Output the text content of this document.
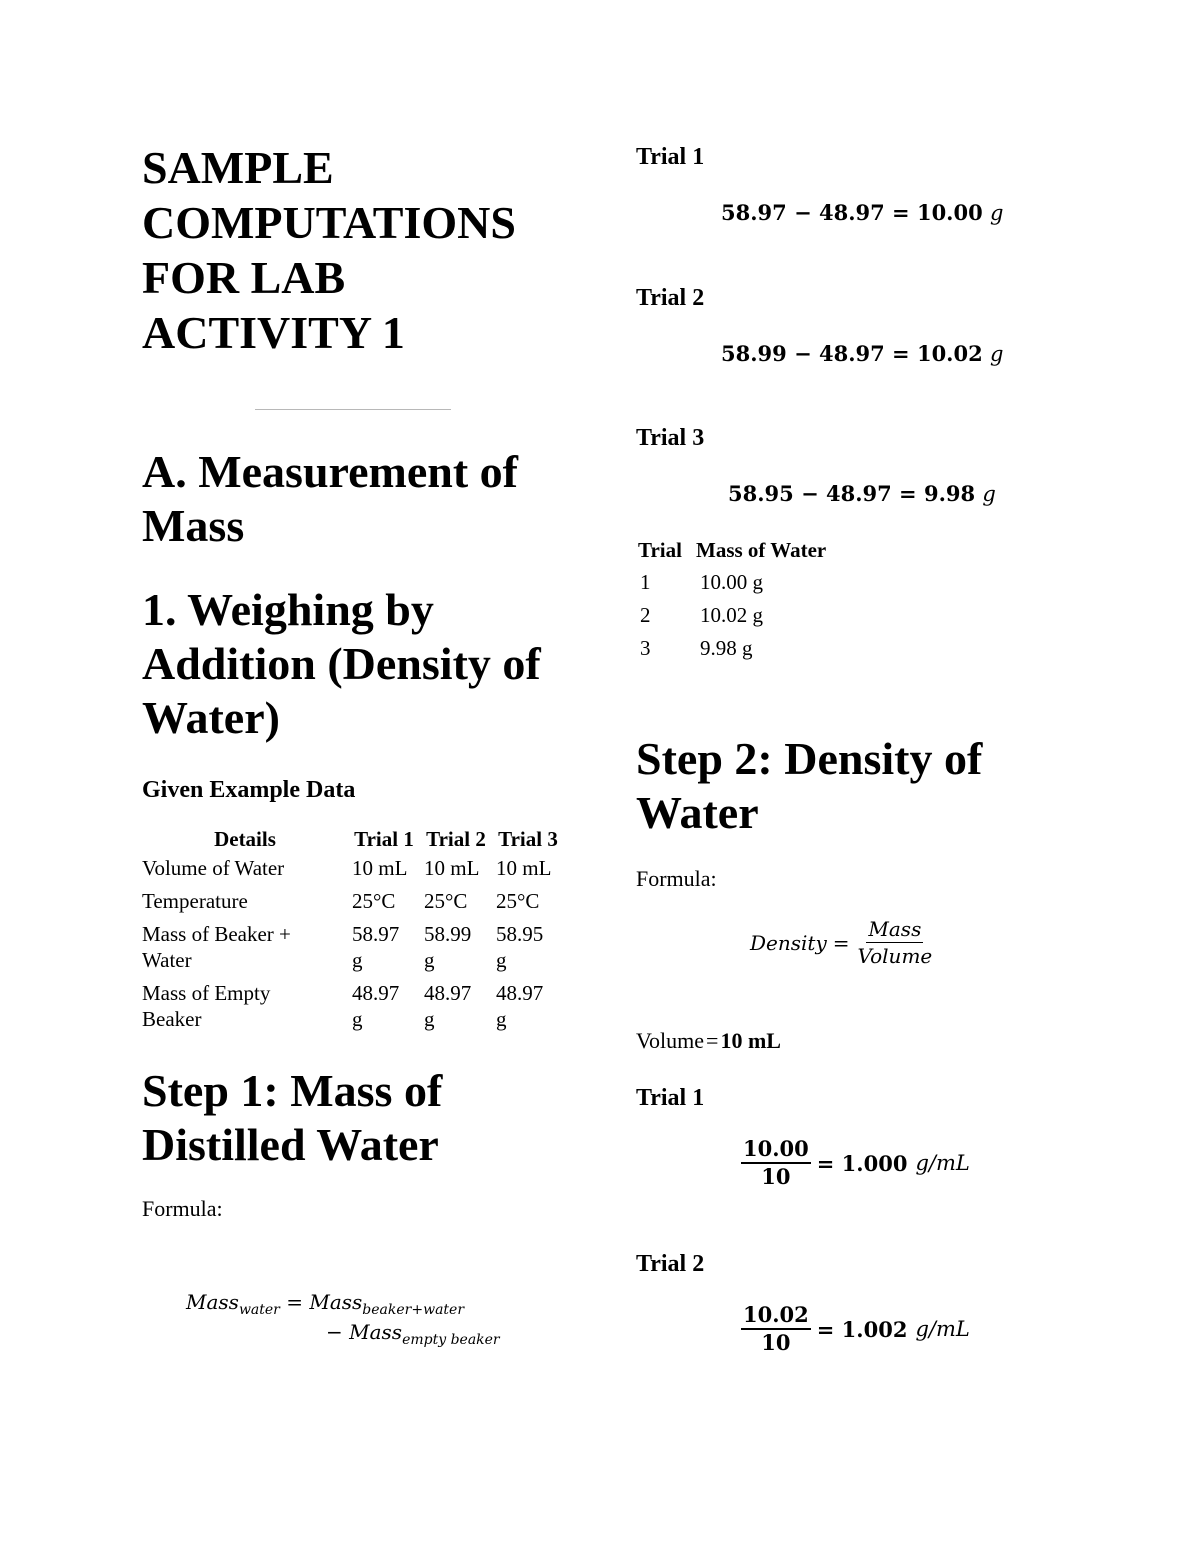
SAMPLE
COMPUTATIONS
FOR LAB
ACTIVITY 1
A. Measurement of
Mass
1. Weighing by
Addition (Density of
Water)

Given Example Data

Details	Trial 1	Trial 2	Trial 3
Volume of Water	10 mL	10 mL	10 mL
Temperature	25°C	25°C	25°C
Mass of Beaker + Water	58.97 g	58.99 g	58.95 g
Mass of Empty Beaker	48.97 g	48.97 g	48.97 g
Step 1: Mass of
Distilled Water

Formula:

Mass$_{water}$ = Mass$_{beaker+water}$
− Mass$_{empty beaker}$

Trial 1

58.97 − 48.97 = 10.00 g

Trial 2

58.99 − 48.97 = 10.02 g

Trial 3

58.95 − 48.97 = 9.98 g
Trial	Mass of Water
1	10.00 g
2	10.02 g
3	9.98 g
Step 2: Density of
Water

Formula:

Density = $\frac{\text{Mass}}{\text{Volume}}$

Volume=10 mL

Trial 1

$\frac{10.00}{10} = 1.000$ g/mL

Trial 2

$\frac{10.02}{10} = 1.002$ g/mL
